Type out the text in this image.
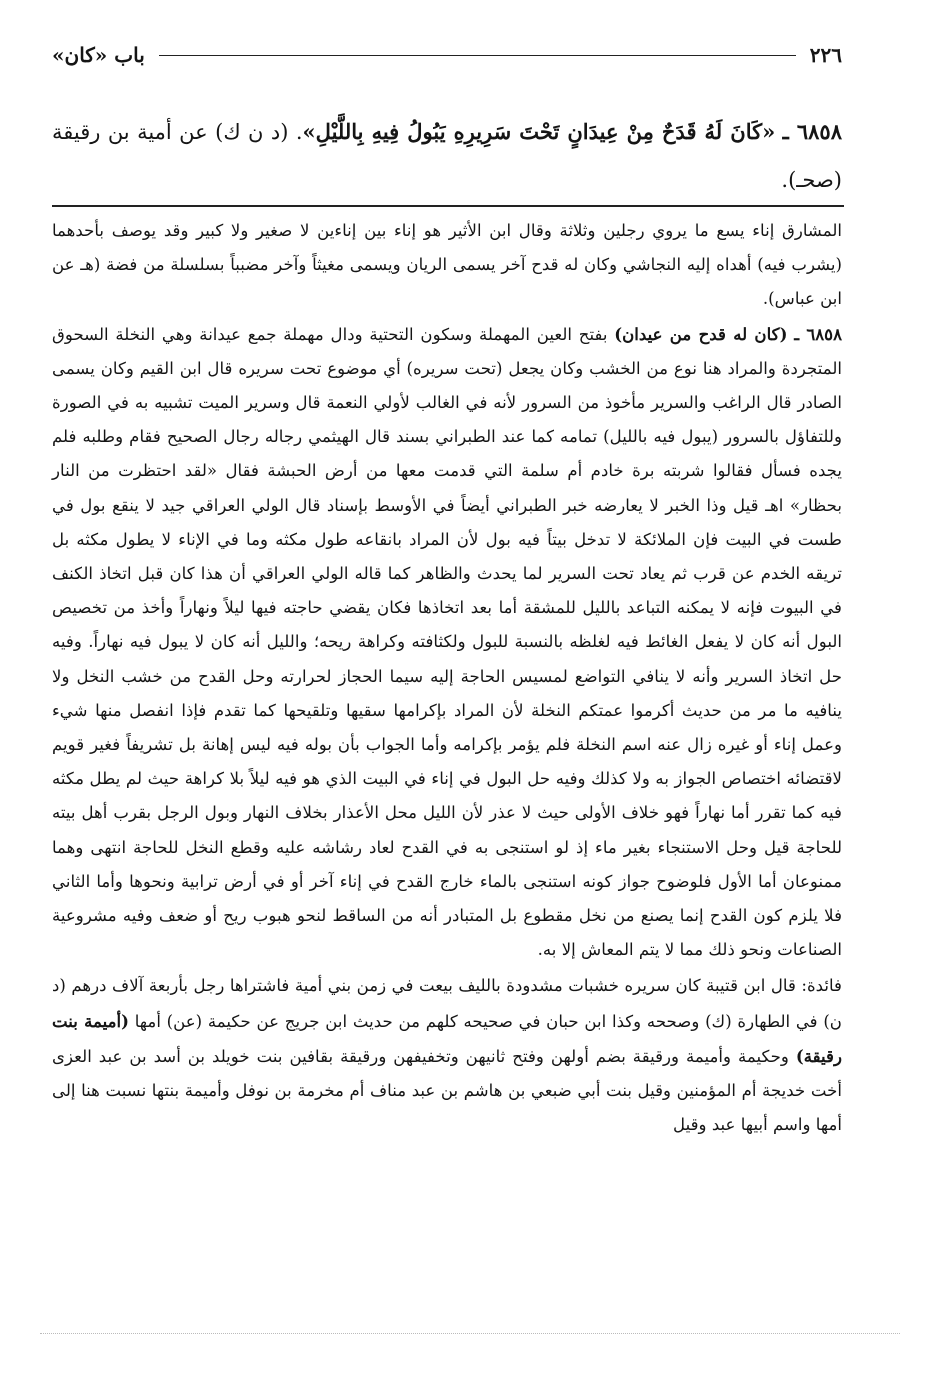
٢٢٦
باب «كان»
٦٨٥٨ ـ «كَانَ لَهُ قَدَحٌ مِنْ عِيدَانٍ تَحْتَ سَرِيرِهِ يَبُولُ فِيهِ بِاللَّيْلِ». (د ن ك) عن أمية بن رقيقة (صحـ).

المشارق إناء يسع ما يروي رجلين وثلاثة وقال ابن الأثير هو إناء بين إناءين لا صغير ولا كبير وقد يوصف بأحدهما (يشرب فيه) أهداه إليه النجاشي وكان له قدح آخر يسمى الريان ويسمى مغيثاً وآخر مضبباً بسلسلة من فضة (هـ عن ابن عباس).

٦٨٥٨ ـ (كان له قدح من عيدان) بفتح العين المهملة وسكون التحتية ودال مهملة جمع عيدانة وهي النخلة السحوق المتجردة والمراد هنا نوع من الخشب وكان يجعل (تحت سريره) أي موضوع تحت سريره قال ابن القيم وكان يسمى الصادر قال الراغب والسرير مأخوذ من السرور لأنه في الغالب لأولي النعمة قال وسرير الميت تشبيه به في الصورة وللتفاؤل بالسرور (يبول فيه بالليل) تمامه كما عند الطبراني بسند قال الهيثمي رجاله رجال الصحيح فقام وطلبه فلم يجده فسأل فقالوا شربته برة خادم أم سلمة التي قدمت معها من أرض الحبشة فقال «لقد احتظرت من النار بحظار» اهـ قيل وذا الخبر لا يعارضه خبر الطبراني أيضاً في الأوسط بإسناد قال الولي العراقي جيد لا ينقع بول في طست في البيت فإن الملائكة لا تدخل بيتاً فيه بول لأن المراد بانقاعه طول مكثه وما في الإناء لا يطول مكثه بل تريقه الخدم عن قرب ثم يعاد تحت السرير لما يحدث والظاهر كما قاله الولي العراقي أن هذا كان قبل اتخاذ الكنف في البيوت فإنه لا يمكنه التباعد بالليل للمشقة أما بعد اتخاذها فكان يقضي حاجته فيها ليلاً ونهاراً وأخذ من تخصيص البول أنه كان لا يفعل الغائط فيه لغلظه بالنسبة للبول ولكثافته وكراهة ريحه؛ والليل أنه كان لا يبول فيه نهاراً. وفيه حل اتخاذ السرير وأنه لا ينافي التواضع لمسيس الحاجة إليه سيما الحجاز لحرارته وحل القدح من خشب النخل ولا ينافيه ما مر من حديث أكرموا عمتكم النخلة لأن المراد بإكرامها سقيها وتلقيحها كما تقدم فإذا انفصل منها شيء وعمل إناء أو غيره زال عنه اسم النخلة فلم يؤمر بإكرامه وأما الجواب بأن بوله فيه ليس إهانة بل تشريفاً فغير قويم لاقتضائه اختصاص الجواز به ولا كذلك وفيه حل البول في إناء في البيت الذي هو فيه ليلاً بلا كراهة حيث لم يطل مكثه فيه كما تقرر أما نهاراً فهو خلاف الأولى حيث لا عذر لأن الليل محل الأعذار بخلاف النهار وبول الرجل بقرب أهل بيته للحاجة قيل وحل الاستنجاء بغير ماء إذ لو استنجى به في القدح لعاد رشاشه عليه وقطع النخل للحاجة انتهى وهما ممنوعان أما الأول فلوضوح جواز كونه استنجى بالماء خارج القدح في إناء آخر أو في أرض ترابية ونحوها وأما الثاني فلا يلزم كون القدح إنما يصنع من نخل مقطوع بل المتبادر أنه من الساقط لنحو هبوب ريح أو ضعف وفيه مشروعية الصناعات ونحو ذلك مما لا يتم المعاش إلا به.

فائدة: قال ابن قتيبة كان سريره خشبات مشدودة بالليف بيعت في زمن بني أمية فاشتراها رجل بأربعة آلاف درهم (د ن) في الطهارة (ك) وصححه وكذا ابن حبان في صحيحه كلهم من حديث ابن جريج عن حكيمة (عن) أمها (أميمة بنت رقيقة) وحكيمة وأميمة ورقيقة بضم أولهن وفتح ثانيهن وتخفيفهن ورقيقة بقافين بنت خويلد بن أسد بن عبد العزى أخت خديجة أم المؤمنين وقيل بنت أبي ضبعي بن هاشم بن عبد مناف أم مخرمة بن نوفل وأميمة بنتها نسبت هنا إلى أمها واسم أبيها عبد وقيل
